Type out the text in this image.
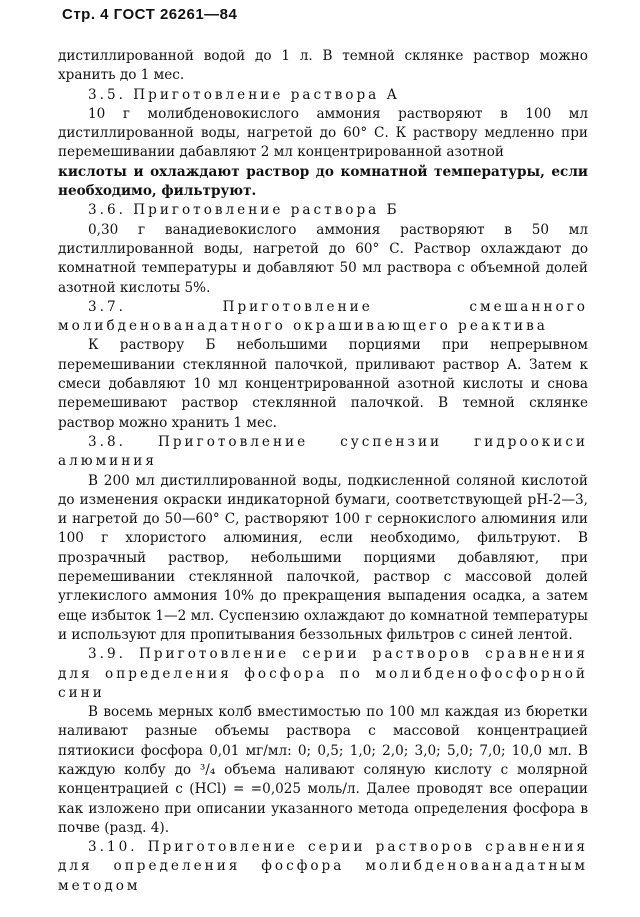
Стр. 4 ГОСТ 26261—84

дистиллированной водой до 1 л. В темной склянке раствор можно хранить до 1 мес.

3.5. Приготовление раствора А

10 г молибденовокислого аммония растворяют в 100 мл дистиллированной воды, нагретой до 60° С. К раствору медленно при перемешивании дабавляют 2 мл концентрированной азотной

кислоты и охлаждают раствор до комнатной температуры, если необходимо, фильтруют.

3.6. Приготовление раствора Б

0,30 г ванадиевокислого аммония растворяют в 50 мл дистиллированной воды, нагретой до 60° С. Раствор охлаждают до комнатной температуры и добавляют 50 мл раствора с объемной долей азотной кислоты 5%.

3.7. Приготовление смешанного молибденованадатного окрашивающего реактива

К раствору Б небольшими порциями при непрерывном перемешивании стеклянной палочкой, приливают раствор А. Затем к смеси добавляют 10 мл концентрированной азотной кислоты и снова перемешивают раствор стеклянной палочкой. В темной склянке раствор можно хранить 1 мес.

3.8. Приготовление суспензии гидроокиси алюминия

В 200 мл дистиллированной воды, подкисленной соляной кислотой до изменения окраски индикаторной бумаги, соответствующей рН-2—3, и нагретой до 50—60° С, растворяют 100 г сернокислого алюминия или 100 г хлористого алюминия, если необходимо, фильтруют. В прозрачный раствор, небольшими порциями добавляют, при перемешивании стеклянной палочкой, раствор с массовой долей углекислого аммония 10% до прекращения выпадения осадка, а затем еще избыток 1—2 мл. Суспензию охлаждают до комнатной температуры и используют для пропитывания беззольных фильтров с синей лентой.

3.9. Приготовление серии растворов сравнения для определения фосфора по молибденофосфорной сини

В восемь мерных колб вместимостью по 100 мл каждая из бюретки наливают разные объемы раствора с массовой концентрацией пятиокиси фосфора 0,01 мг/мл: 0; 0,5; 1,0; 2,0; 3,0; 5,0; 7,0; 10,0 мл. В каждую колбу до ³/₄ объема наливают соляную кислоту с молярной концентрацией с (HCl) = =0,025 моль/л. Далее проводят все операции как изложено при описании указанного метода определения фосфора в почве (разд. 4).

3.10. Приготовление серии растворов сравнения для определения фосфора молибденованадатным методом
